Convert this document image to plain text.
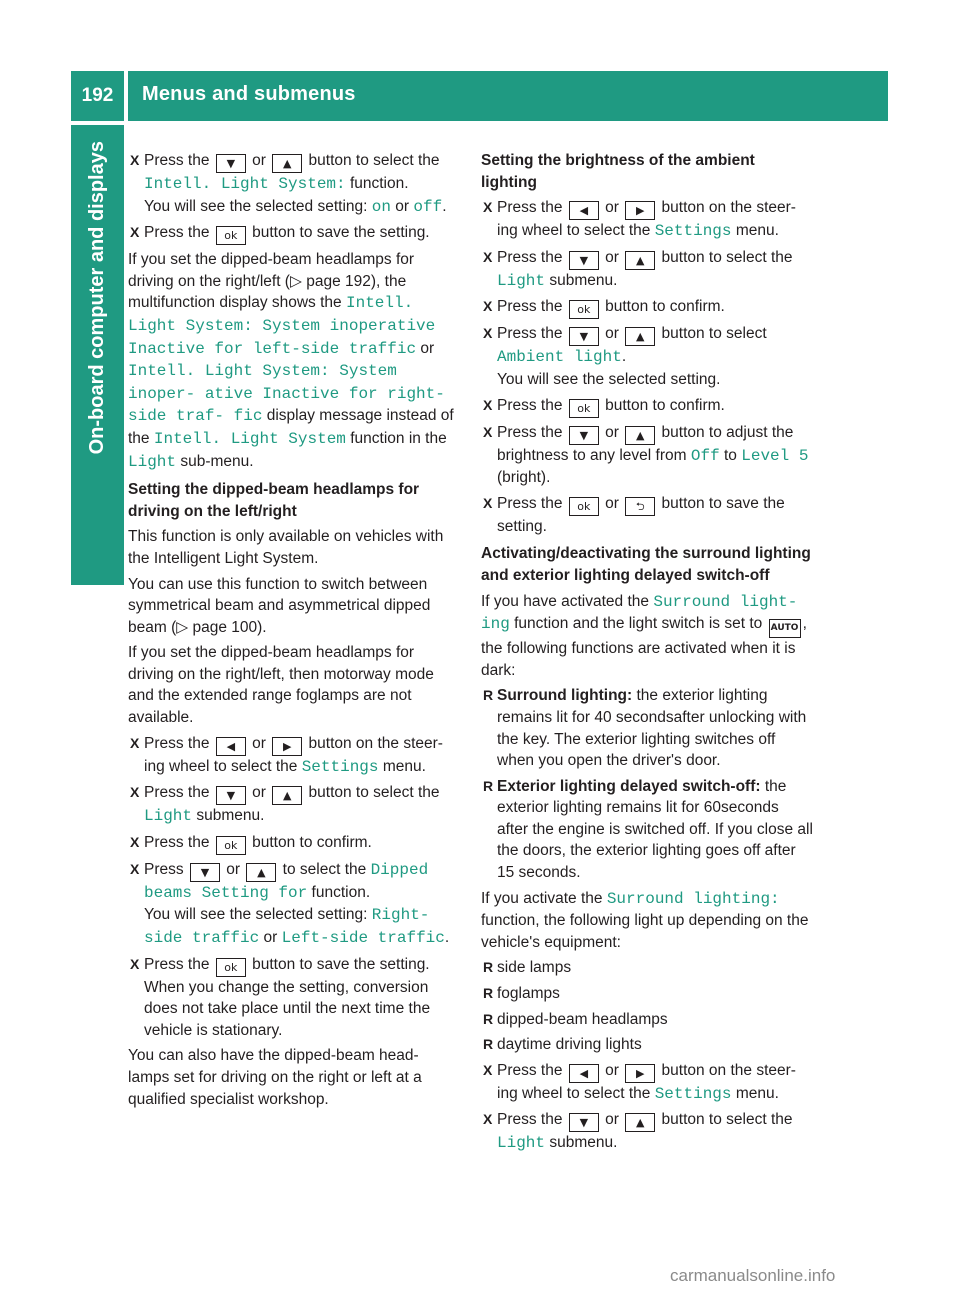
192	Menus and submenus
On-board computer and displays
X	Press the ▼ or ▲ button to select the Intell. Light System: function.
You will see the selected setting: on or off.
X Press the ok button to save the setting.
If you set the dipped-beam headlamps for driving on the right/left (▷ page 192), the multifunction display shows the Intell. Light System: System inoperative Inactive for left-side traffic or Intell. Light System: System inoper‐ ative Inactive for right-side traf‐ fic display message instead of the Intell. Light System function in the Light sub-menu.
Setting the dipped-beam headlamps for driving on the left/right
This function is only available on vehicles with the Intelligent Light System.
You can use this function to switch between symmetrical beam and asymmetrical dipped beam (▷ page 100).
If you set the dipped-beam headlamps for driving on the right/left, then motorway mode and the extended range foglamps are not available.
X Press the ◀ or ▶ button on the steer-ing wheel to select the Settings menu.
X Press the ▼ or ▲ button to select the Light submenu.
X Press the ok button to confirm.
X Press ▼ or ▲ to select the Dipped beams Setting for function.
You will see the selected setting: Right-side traffic or Left-side traffic.
X Press the ok button to save the setting.
When you change the setting, conversion does not take place until the next time the vehicle is stationary.
You can also have the dipped-beam head-lamps set for driving on the right or left at a qualified specialist workshop.
Setting the brightness of the ambient lighting
X Press the ◀ or ▶ button on the steer-ing wheel to select the Settings menu.
X Press the ▼ or ▲ button to select the Light submenu.
X Press the ok button to confirm.
X Press the ▼ or ▲ button to select Ambient light.
You will see the selected setting.
X Press the ok button to confirm.
X Press the ▼ or ▲ button to adjust the brightness to any level from Off to Level 5 (bright).
X Press the ok or ⮌ button to save the setting.
Activating/deactivating the surround lighting and exterior lighting delayed switch-off
If you have activated the Surround light‐ ing function and the light switch is set to AUTO , the following functions are activated when it is dark:
R Surround lighting: the exterior lighting remains lit for 40 secondsafter unlocking with the key. The exterior lighting switches off when you open the driver's door.
R Exterior lighting delayed switch-off: the exterior lighting remains lit for 60seconds after the engine is switched off. If you close all the doors, the exterior lighting goes off after 15 seconds.
If you activate the Surround lighting: function, the following light up depending on the vehicle's equipment:
R side lamps
R foglamps
R dipped-beam headlamps
R daytime driving lights
X Press the ◀ or ▶ button on the steer-ing wheel to select the Settings menu.
X Press the ▼ or ▲ button to select the Light submenu.
carmanualsonline.info
